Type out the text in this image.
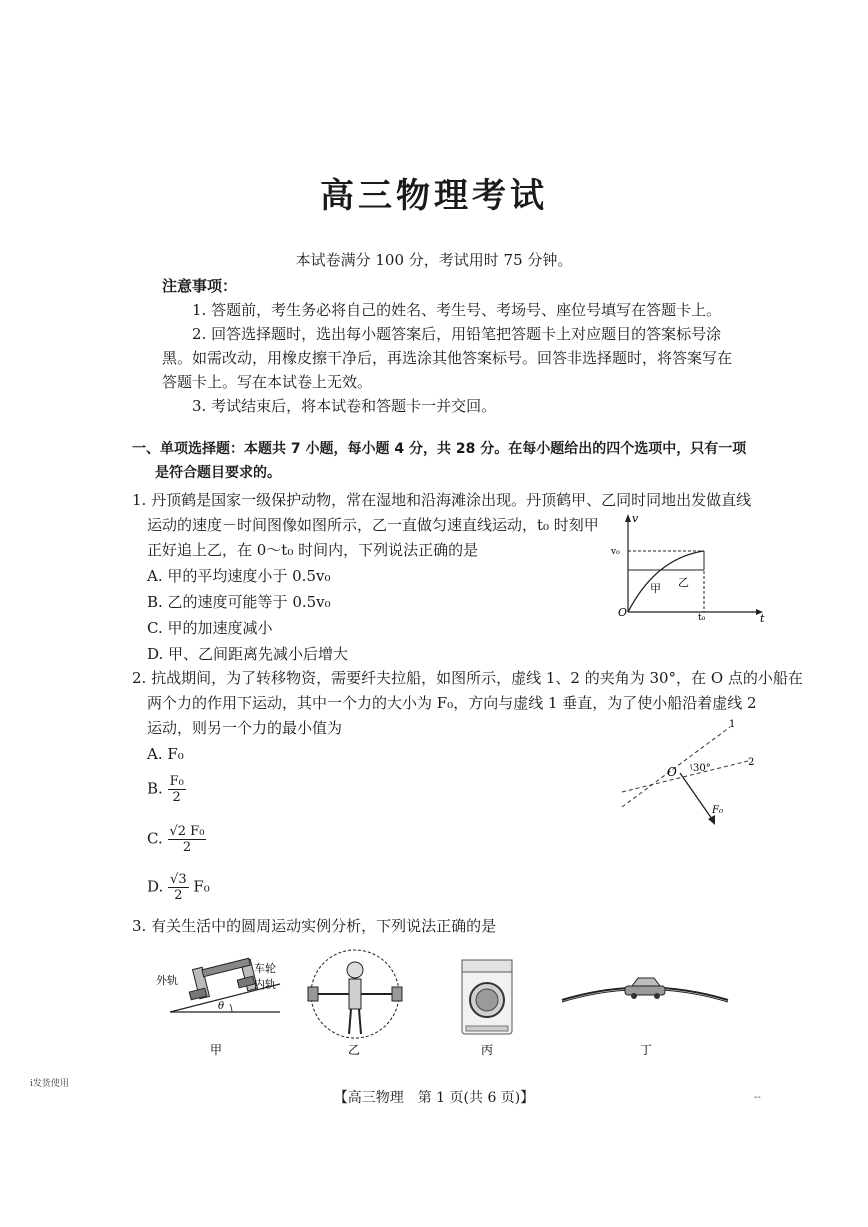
高三物理考试
本试卷满分 100 分，考试用时 75 分钟。
注意事项：
1. 答题前，考生务必将自己的姓名、考生号、考场号、座位号填写在答题卡上。
2. 回答选择题时，选出每小题答案后，用铅笔把答题卡上对应题目的答案标号涂
黑。如需改动，用橡皮擦干净后，再选涂其他答案标号。回答非选择题时，将答案写在
答题卡上。写在本试卷上无效。
3. 考试结束后，将本试卷和答题卡一并交回。
一、单项选择题：本题共 7 小题，每小题 4 分，共 28 分。在每小题给出的四个选项中，只有一项
是符合题目要求的。
1. 丹顶鹤是国家一级保护动物，常在湿地和沿海滩涂出现。丹顶鹤甲、乙同时同地出发做直线
运动的速度－时间图像如图所示，乙一直做匀速直线运动，t₀ 时刻甲
正好追上乙，在 0～t₀ 时间内，下列说法正确的是
A. 甲的平均速度小于 0.5v₀
B. 乙的速度可能等于 0.5v₀
C. 甲的加速度减小
D. 甲、乙间距离先减小后增大
v
t
v₀
t₀
O
甲 乙
2. 抗战期间，为了转移物资，需要纤夫拉船，如图所示，虚线 1、2 的夹角为 30°，在 O 点的小船在
两个力的作用下运动，其中一个力的大小为 F₀，方向与虚线 1 垂直，为了使小船沿着虚线 2
运动，则另一个力的最小值为
A. F₀
B. $\frac{\text{F₀}}{2}$
C. $\frac{\text{√2 F₀}}{2}$
D. $\frac{√3}{2} F_0$
O 30°
F₀
1
2
3. 有关生活中的圆周运动实例分析，下列说法正确的是
外轨
车轮
内轨
θ
甲	乙	丙	丁
i发货使用
【高三物理　第 1 页(共 6 页)】	--
